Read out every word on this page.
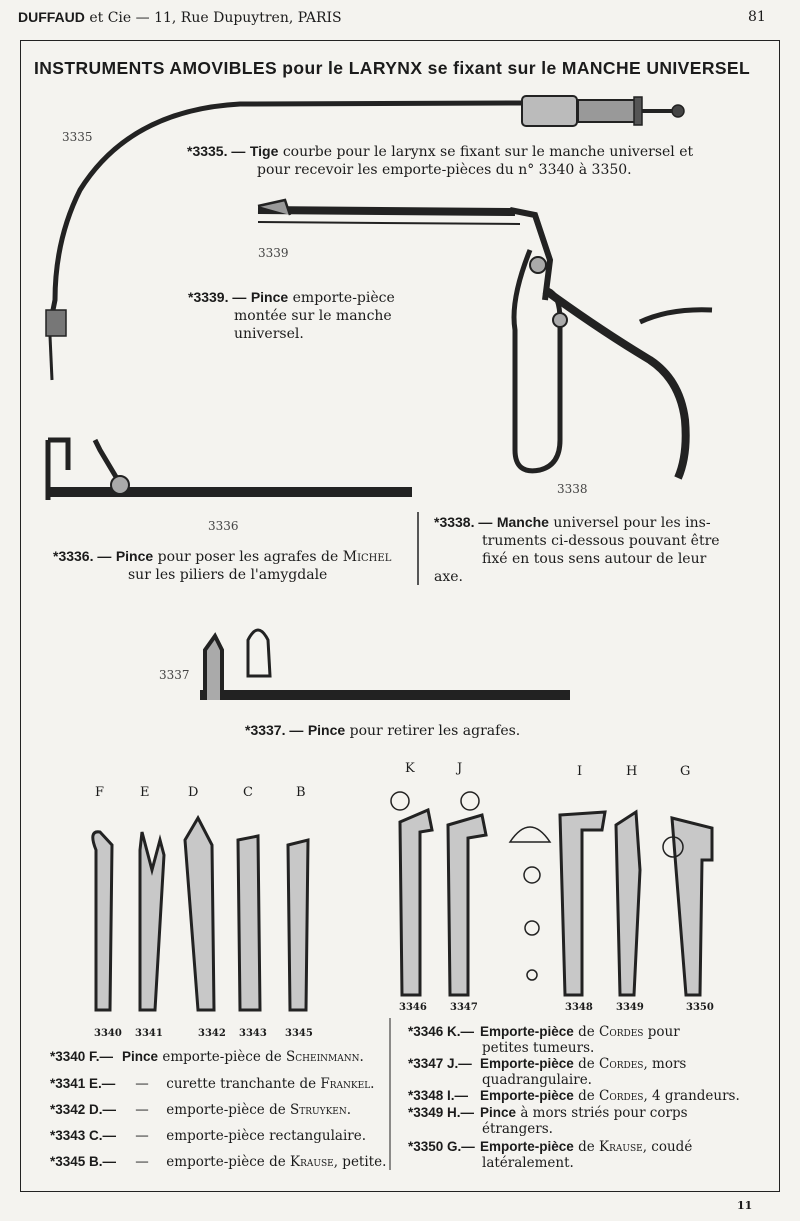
DUFFAUD et Cie — 11, Rue Dupuytren, PARIS	81
INSTRUMENTS AMOVIBLES pour le LARYNX se fixant sur le MANCHE UNIVERSEL
3335
3339
3338
3336
3337
*3335. — Tige courbe pour le larynx se fixant sur le manche universel et
pour recevoir les emporte-pièces du n° 3340 à 3350.
*3339. — Pince emporte-pièce
montée sur le manche
universel.
*3336. — Pince pour poser les agrafes de Michel
sur les piliers de l'amygdale
*3338. — Manche universel pour les ins-
truments ci-dessous pouvant être
fixé en tous sens autour de leur axe.
*3337. — Pince pour retirer les agrafes.
K	J	I	H	G
F	E	D	C	B
3340 3341	3342 3343 3345
3346 3347	3348 3349	3350
*3340 F.— Pince emporte-pièce de Scheinmann.
*3341 E.— — curette tranchante de Frankel.
*3342 D.— — emporte-pièce de Struyken.
*3343 C.— — emporte-pièce rectangulaire.
*3345 B.— — emporte-pièce de Krause, petite.
*3346 K.— Emporte-pièce de Cordes pour
petites tumeurs.
*3347 J.— Emporte-pièce de Cordes, mors
quadrangulaire.
*3348 I.— Emporte-pièce de Cordes, 4 grandeurs.
*3349 H.— Pince à mors striés pour corps
étrangers.
*3350 G.— Emporte-pièce de Krause, coudé
latéralement.
11
